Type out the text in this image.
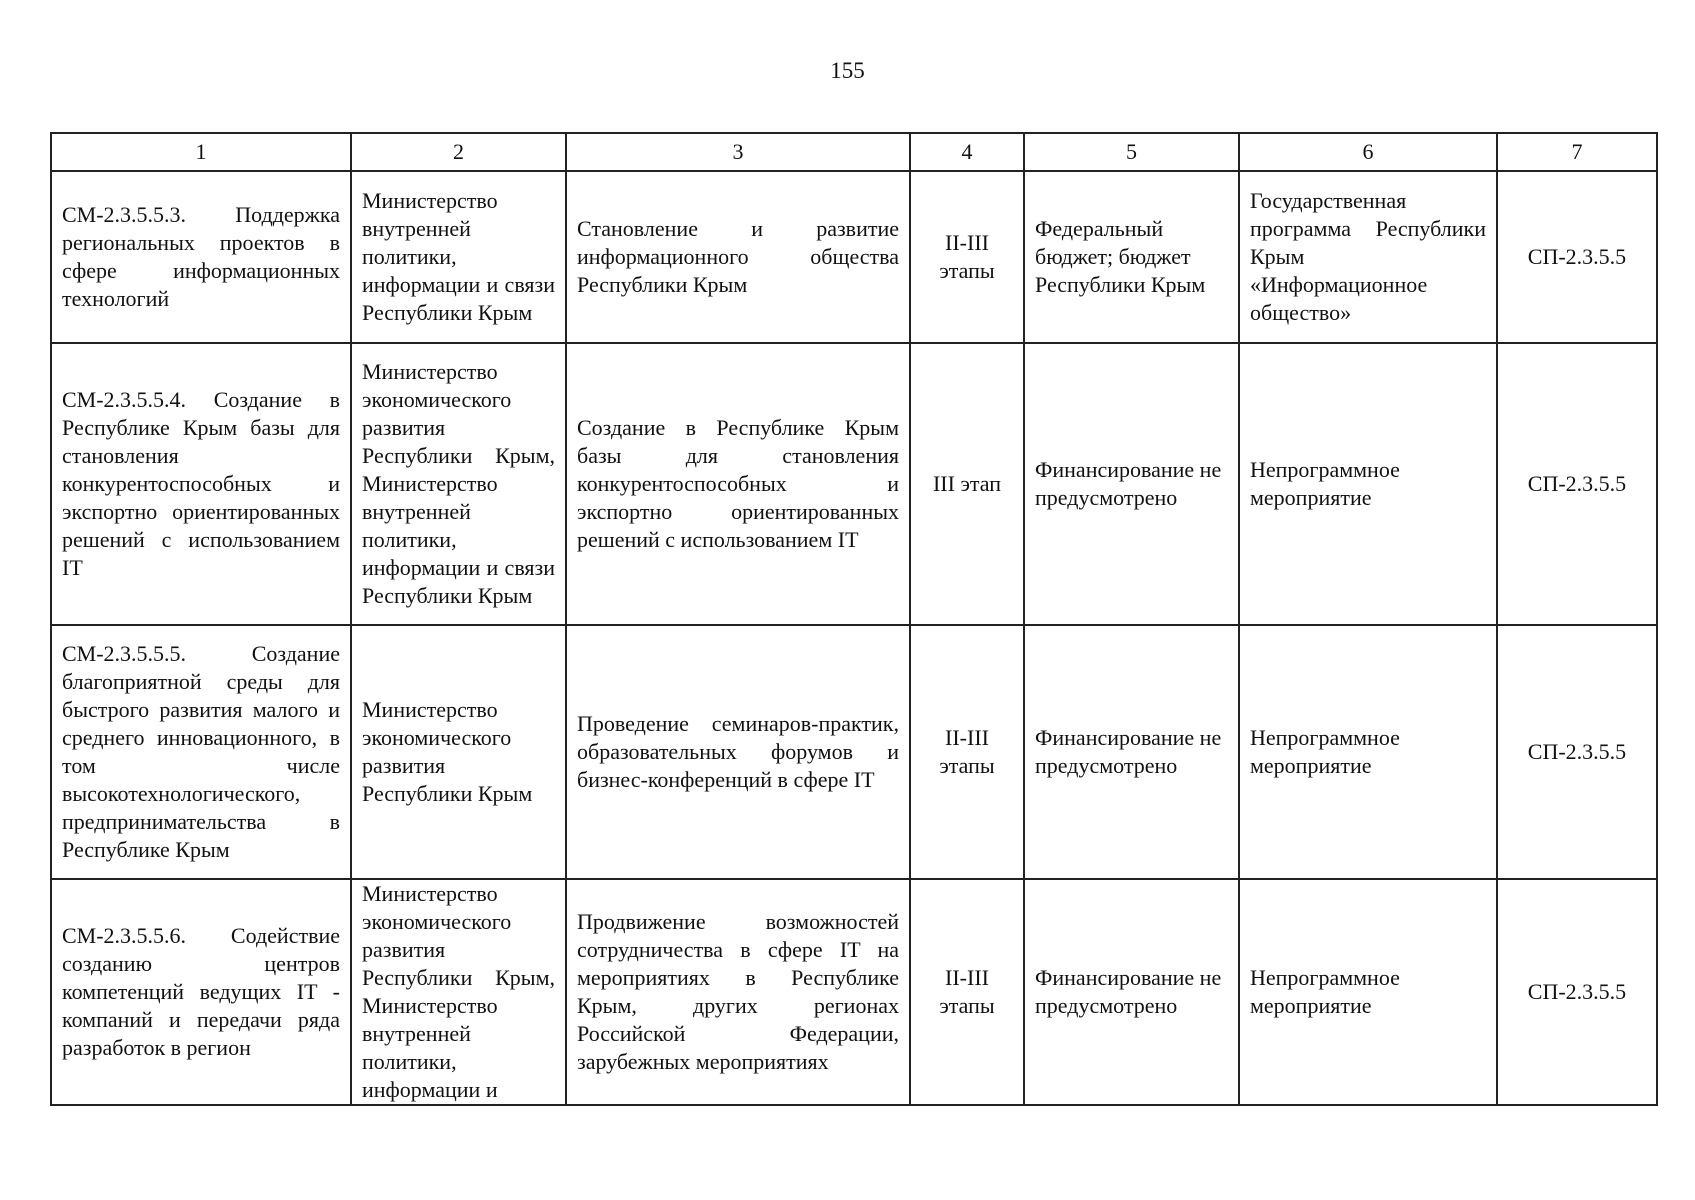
155
1	2	3	4	5	6	7
СМ-2.3.5.5.3. Поддержка региональных проектов в сфере информационных технологий	Министерство внутренней политики, информации и связи Республики Крым	Становление и развитие информационного общества Республики Крым	II-III этапы	Федеральный бюджет; бюджет Республики Крым	Государственная программа Республики Крым «Информационное общество»	СП-2.3.5.5
СМ-2.3.5.5.4. Создание в Республике Крым базы для становления конкурентоспособных и экспортно ориентированных решений с использованием IT	Министерство экономического развития Республики Крым, Министерство внутренней политики, информации и связи Республики Крым	Создание в Республике Крым базы для становления конкурентоспособных и экспортно ориентированных решений с использованием IT	III этап	Финансирование не предусмотрено	Непрограммное мероприятие	СП-2.3.5.5
СМ-2.3.5.5.5. Создание благоприятной среды для быстрого развития малого и среднего инновационного, в том числе высокотехнологического, предпринимательства в Республике Крым	Министерство экономического развития Республики Крым	Проведение семинаров-практик, образовательных форумов и бизнес-конференций в сфере IT	II-III этапы	Финансирование не предусмотрено	Непрограммное мероприятие	СП-2.3.5.5
СМ-2.3.5.5.6. Содействие созданию центров компетенций ведущих IT - компаний и передачи ряда разработок в регион	Министерство экономического развития Республики Крым, Министерство внутренней политики, информации и	Продвижение возможностей сотрудничества в сфере IT на мероприятиях в Республике Крым, других регионах Российской Федерации, зарубежных мероприятиях	II-III этапы	Финансирование не предусмотрено	Непрограммное мероприятие	СП-2.3.5.5
